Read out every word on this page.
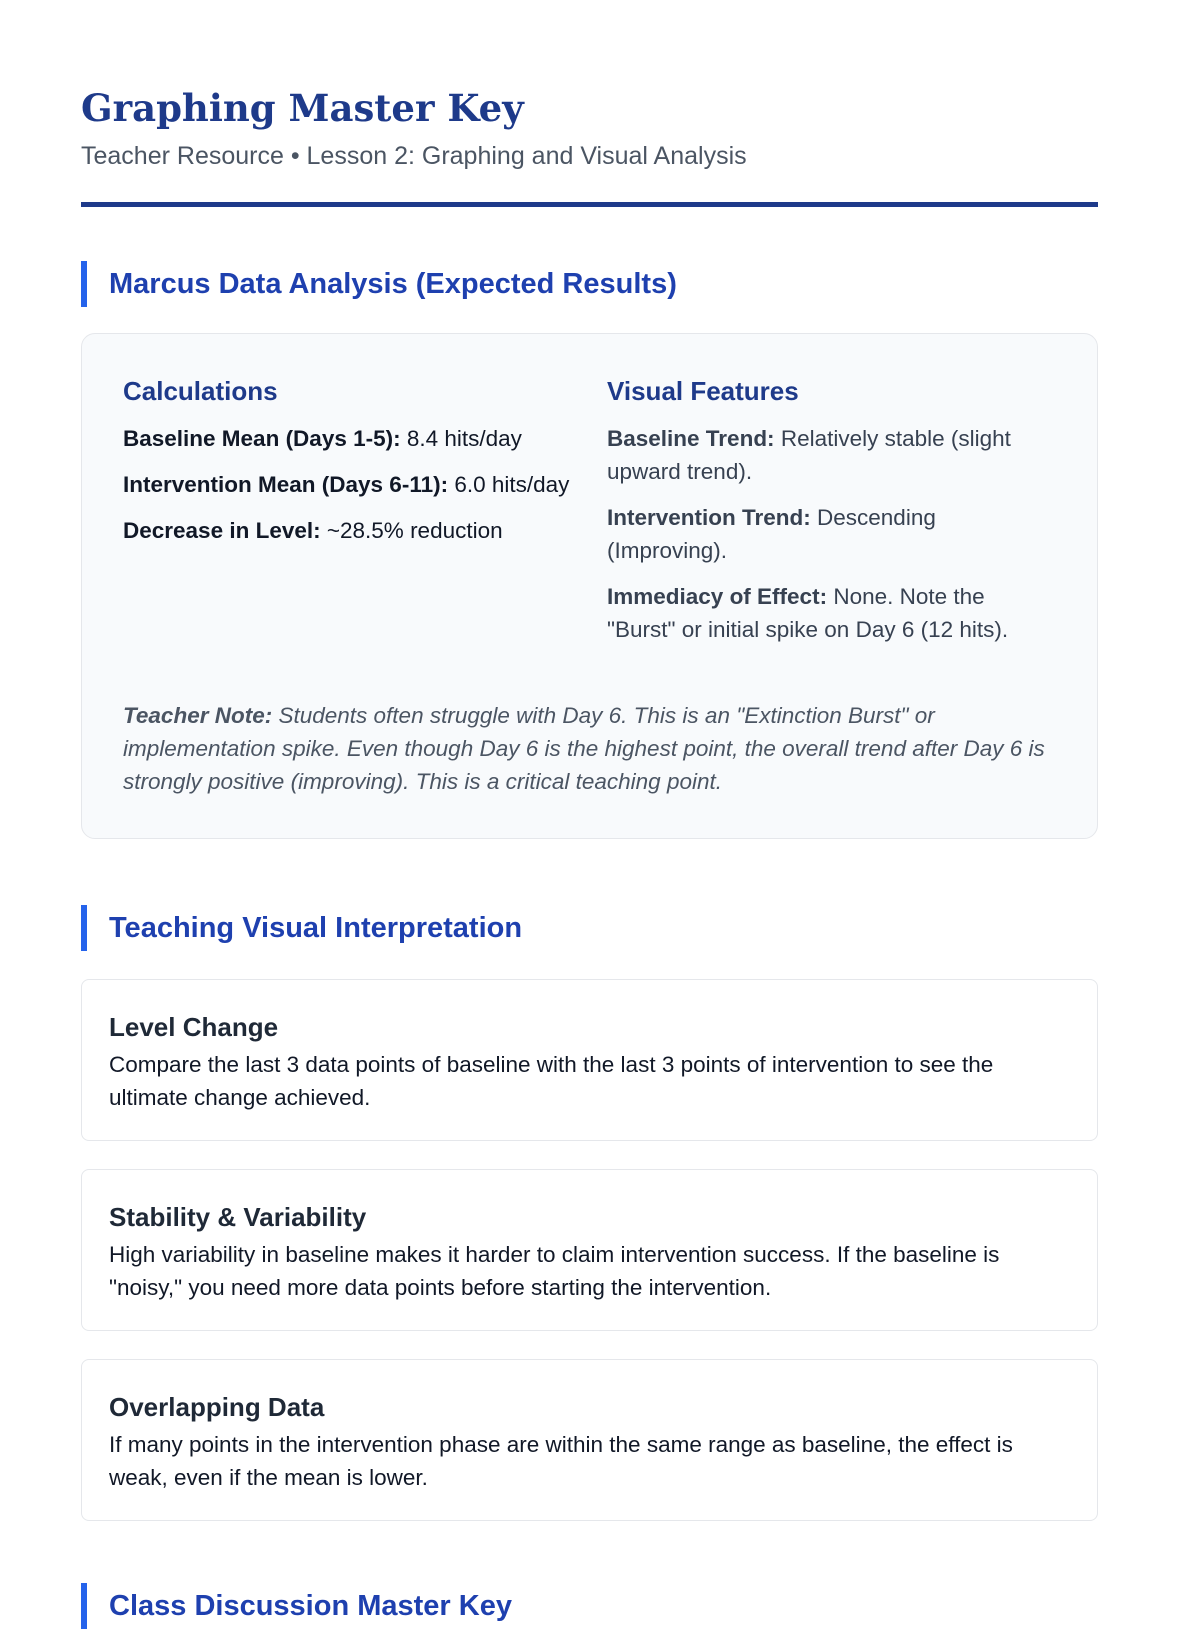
Graphing Master Key
Teacher Resource • Lesson 2: Graphing and Visual Analysis
Marcus Data Analysis (Expected Results)
Calculations
Baseline Mean (Days 1-5): 8.4 hits/day
Intervention Mean (Days 6-11): 6.0 hits/day
Decrease in Level: ~28.5% reduction
Visual Features
Baseline Trend: Relatively stable (slight upward trend).
Intervention Trend: Descending (Improving).
Immediacy of Effect: None. Note the "Burst" or initial spike on Day 6 (12 hits).
Teacher Note: Students often struggle with Day 6. This is an "Extinction Burst" or implementation spike. Even though Day 6 is the highest point, the overall trend after Day 6 is strongly positive (improving). This is a critical teaching point.
Teaching Visual Interpretation
Level Change
Compare the last 3 data points of baseline with the last 3 points of intervention to see the ultimate change achieved.
Stability & Variability
High variability in baseline makes it harder to claim intervention success. If the baseline is "noisy," you need more data points before starting the intervention.
Overlapping Data
If many points in the intervention phase are within the same range as baseline, the effect is weak, even if the mean is lower.
Class Discussion Master Key
